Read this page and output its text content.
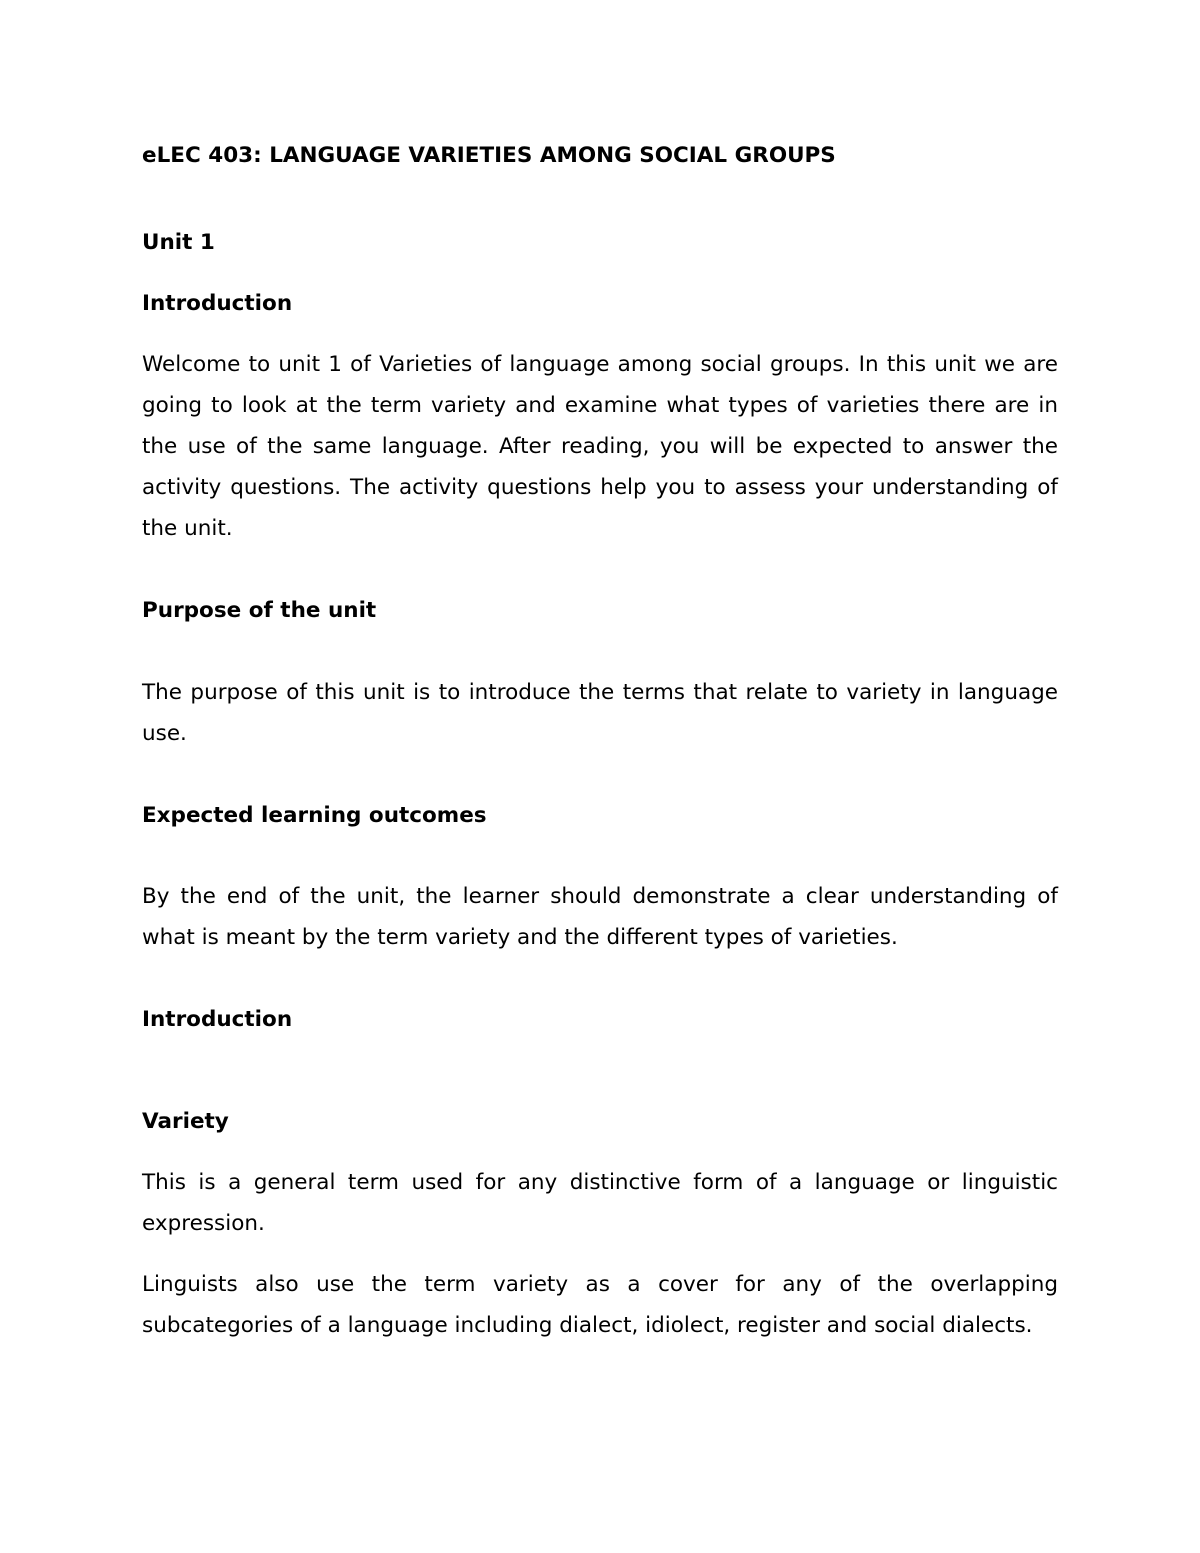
eLEC 403: LANGUAGE VARIETIES AMONG SOCIAL GROUPS
Unit 1
Introduction

Welcome to unit 1 of Varieties of language among social groups. In this unit we are going to look at the term variety and examine what types of varieties there are in the use of the same language. After reading, you will be expected to answer the activity questions. The activity questions help you to assess your understanding of the unit.

Purpose of the unit

The purpose of this unit is to introduce the terms that relate to variety in language use.

Expected learning outcomes

By the end of the unit, the learner should demonstrate a clear understanding of what is meant by the term variety and the different types of varieties.

Introduction
Variety

This is a general term used for any distinctive form of a language or linguistic expression.

Linguists also use the term variety as a cover for any of the overlapping subcategories of a language including dialect, idiolect, register and social dialects.
